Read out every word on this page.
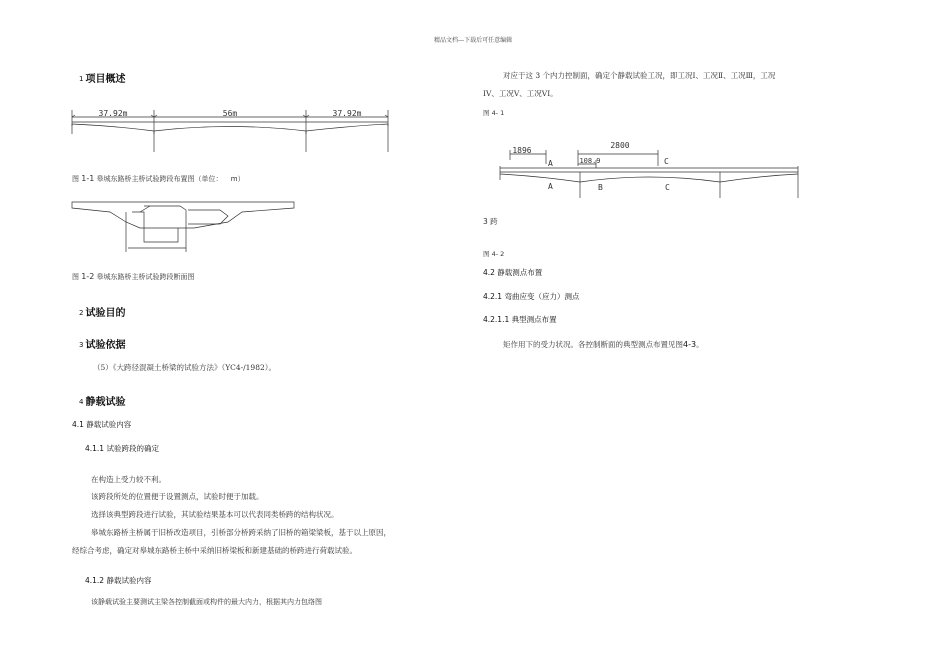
精品文档---下载后可任意编辑
1 项目概述
37.92m	56m	37.92m
图 1-1 皋城东路桥主桥试验跨段布置图（单位： m）
图 1-2 皋城东路桥主桥试验跨段断面图
2 试验目的
3 试验依据
（5）《大跨径混凝土桥梁的试验方法》（YC4-/1982）。
4 静载试验
4.1 静载试验内容
4.1.1 试验跨段的确定
在构造上受力较不利。
该跨段所处的位置便于设置测点，试验时便于加载。
选择该典型跨段进行试验，其试验结果基本可以代表同类桥跨的结构状况。
皋城东路桥主桥属于旧桥改造项目，引桥部分桥跨采纳了旧桥的箱梁梁板，基于以上原因，
经综合考虑，确定对皋城东路桥主桥中采纳旧桥梁板和新建基础的桥跨进行荷载试验。
4.1.2 静载试验内容
该静载试验主要测试主梁各控制截面或构件的最大内力，根据其内力包络图
对应于这 3 个内力控制面，确定个静载试验工况，即工况Ⅰ、工况Ⅱ、工况Ⅲ，工况
ⅠV、工况V、工况VI。
图 4- 1
1896
2800
108.9
A	C
A	B	C
3 跨
图 4- 2
4.2 静载测点布置
4.2.1 弯曲应变（应力）测点
4.2.1.1 典型测点布置
矩作用下的受力状况。各控制断面的典型测点布置见图4-3。
